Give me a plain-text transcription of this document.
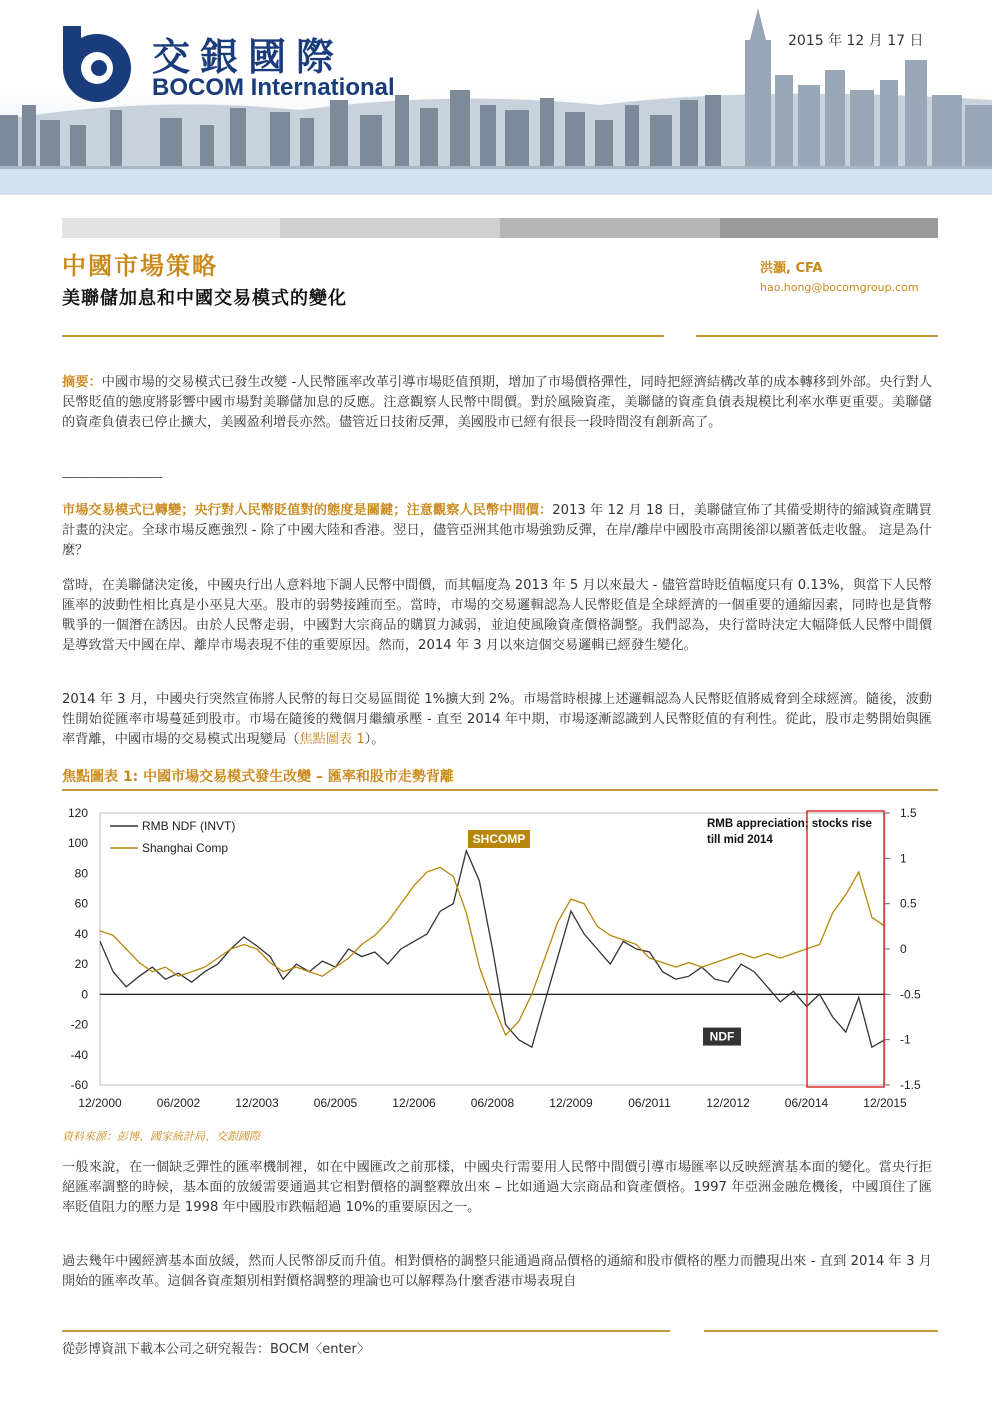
交銀國際
BOCOM International
2015 年 12 月 17 日
中國市場策略
美聯儲加息和中國交易模式的變化
洪灝, CFA
hao.hong@bocomgroup.com
摘要：中國市場的交易模式已發生改變 -人民幣匯率改革引導市場貶值預期，增加了市場價格彈性，同時把經濟結構改革的成本轉移到外部。央行對人民幣貶值的態度將影響中國市場對美聯儲加息的反應。注意觀察人民幣中間價。對於風險資產，美聯儲的資產負債表規模比利率水準更重要。美聯儲的資產負債表已停止擴大，美國盈利增長亦然。儘管近日技術反彈，美國股市已經有很長一段時間沒有創新高了。
------------------------------
市場交易模式已轉變；央行對人民幣貶值對的態度是關鍵；注意觀察人民幣中間價：2013 年 12 月 18 日，美聯儲宣佈了其備受期待的縮減資產購買計畫的決定。全球市場反應強烈 - 除了中國大陸和香港。翌日，儘管亞洲其他市場強勁反彈，在岸/離岸中國股市高開後卻以顯著低走收盤。 這是為什麼？
當時，在美聯儲決定後，中國央行出人意料地下調人民幣中間價，而其幅度為 2013 年 5 月以來最大 - 儘管當時貶值幅度只有 0.13%，與當下人民幣匯率的波動性相比真是小巫見大巫。股市的弱勢接踵而至。當時，市場的交易邏輯認為人民幣貶值是全球經濟的一個重要的通縮因素，同時也是貨幣戰爭的一個潛在誘因。由於人民幣走弱，中國對大宗商品的購買力減弱，並迫使風險資產價格調整。我們認為，央行當時決定大幅降低人民幣中間價是導致當天中國在岸、離岸市場表現不佳的重要原因。然而，2014 年 3 月以來這個交易邏輯已經發生變化。
2014 年 3 月，中國央行突然宣佈將人民幣的每日交易區間從 1%擴大到 2%。市場當時根據上述邏輯認為人民幣貶值將威脅到全球經濟。隨後，波動性開始從匯率市場蔓延到股市。市場在隨後的幾個月繼續承壓 - 直至 2014 年中期，市場逐漸認識到人民幣貶值的有利性。從此，股市走勢開始與匯率背離，中國市場的交易模式出現變局（焦點圖表 1）。
焦點圖表 1: 中國市場交易模式發生改變 – 匯率和股市走勢背離
120
100
80
60
40
20
0
-20
-40
-60
1.5
1
0.5
0
-0.5
-1
-1.5
12/2000	06/2002	12/2003	06/2005	12/2006	06/2008	12/2009	06/2011	12/2012	06/2014	12/2015
RMB NDF (INVT)
Shanghai Comp
SHCOMP
NDF
RMB appreciation; stocks rise
till mid 2014
資料來源：彭博、國家統計局、交銀國際
一般來說，在一個缺乏彈性的匯率機制裡，如在中國匯改之前那樣，中國央行需要用人民幣中間價引導市場匯率以反映經濟基本面的變化。當央行拒絕匯率調整的時候，基本面的放緩需要通過其它相對價格的調整釋放出來 – 比如通過大宗商品和資產價格。1997 年亞洲金融危機後，中國頂住了匯率貶值阻力的壓力是 1998 年中國股市跌幅超過 10%的重要原因之一。
過去幾年中國經濟基本面放緩，然而人民幣卻反而升值。相對價格的調整只能通過商品價格的通縮和股市價格的壓力而體現出來 - 直到 2014 年 3 月開始的匯率改革。這個各資產類別相對價格調整的理論也可以解釋為什麼香港市場表現自
從彭博資訊下載本公司之研究報告：BOCM〈enter〉
